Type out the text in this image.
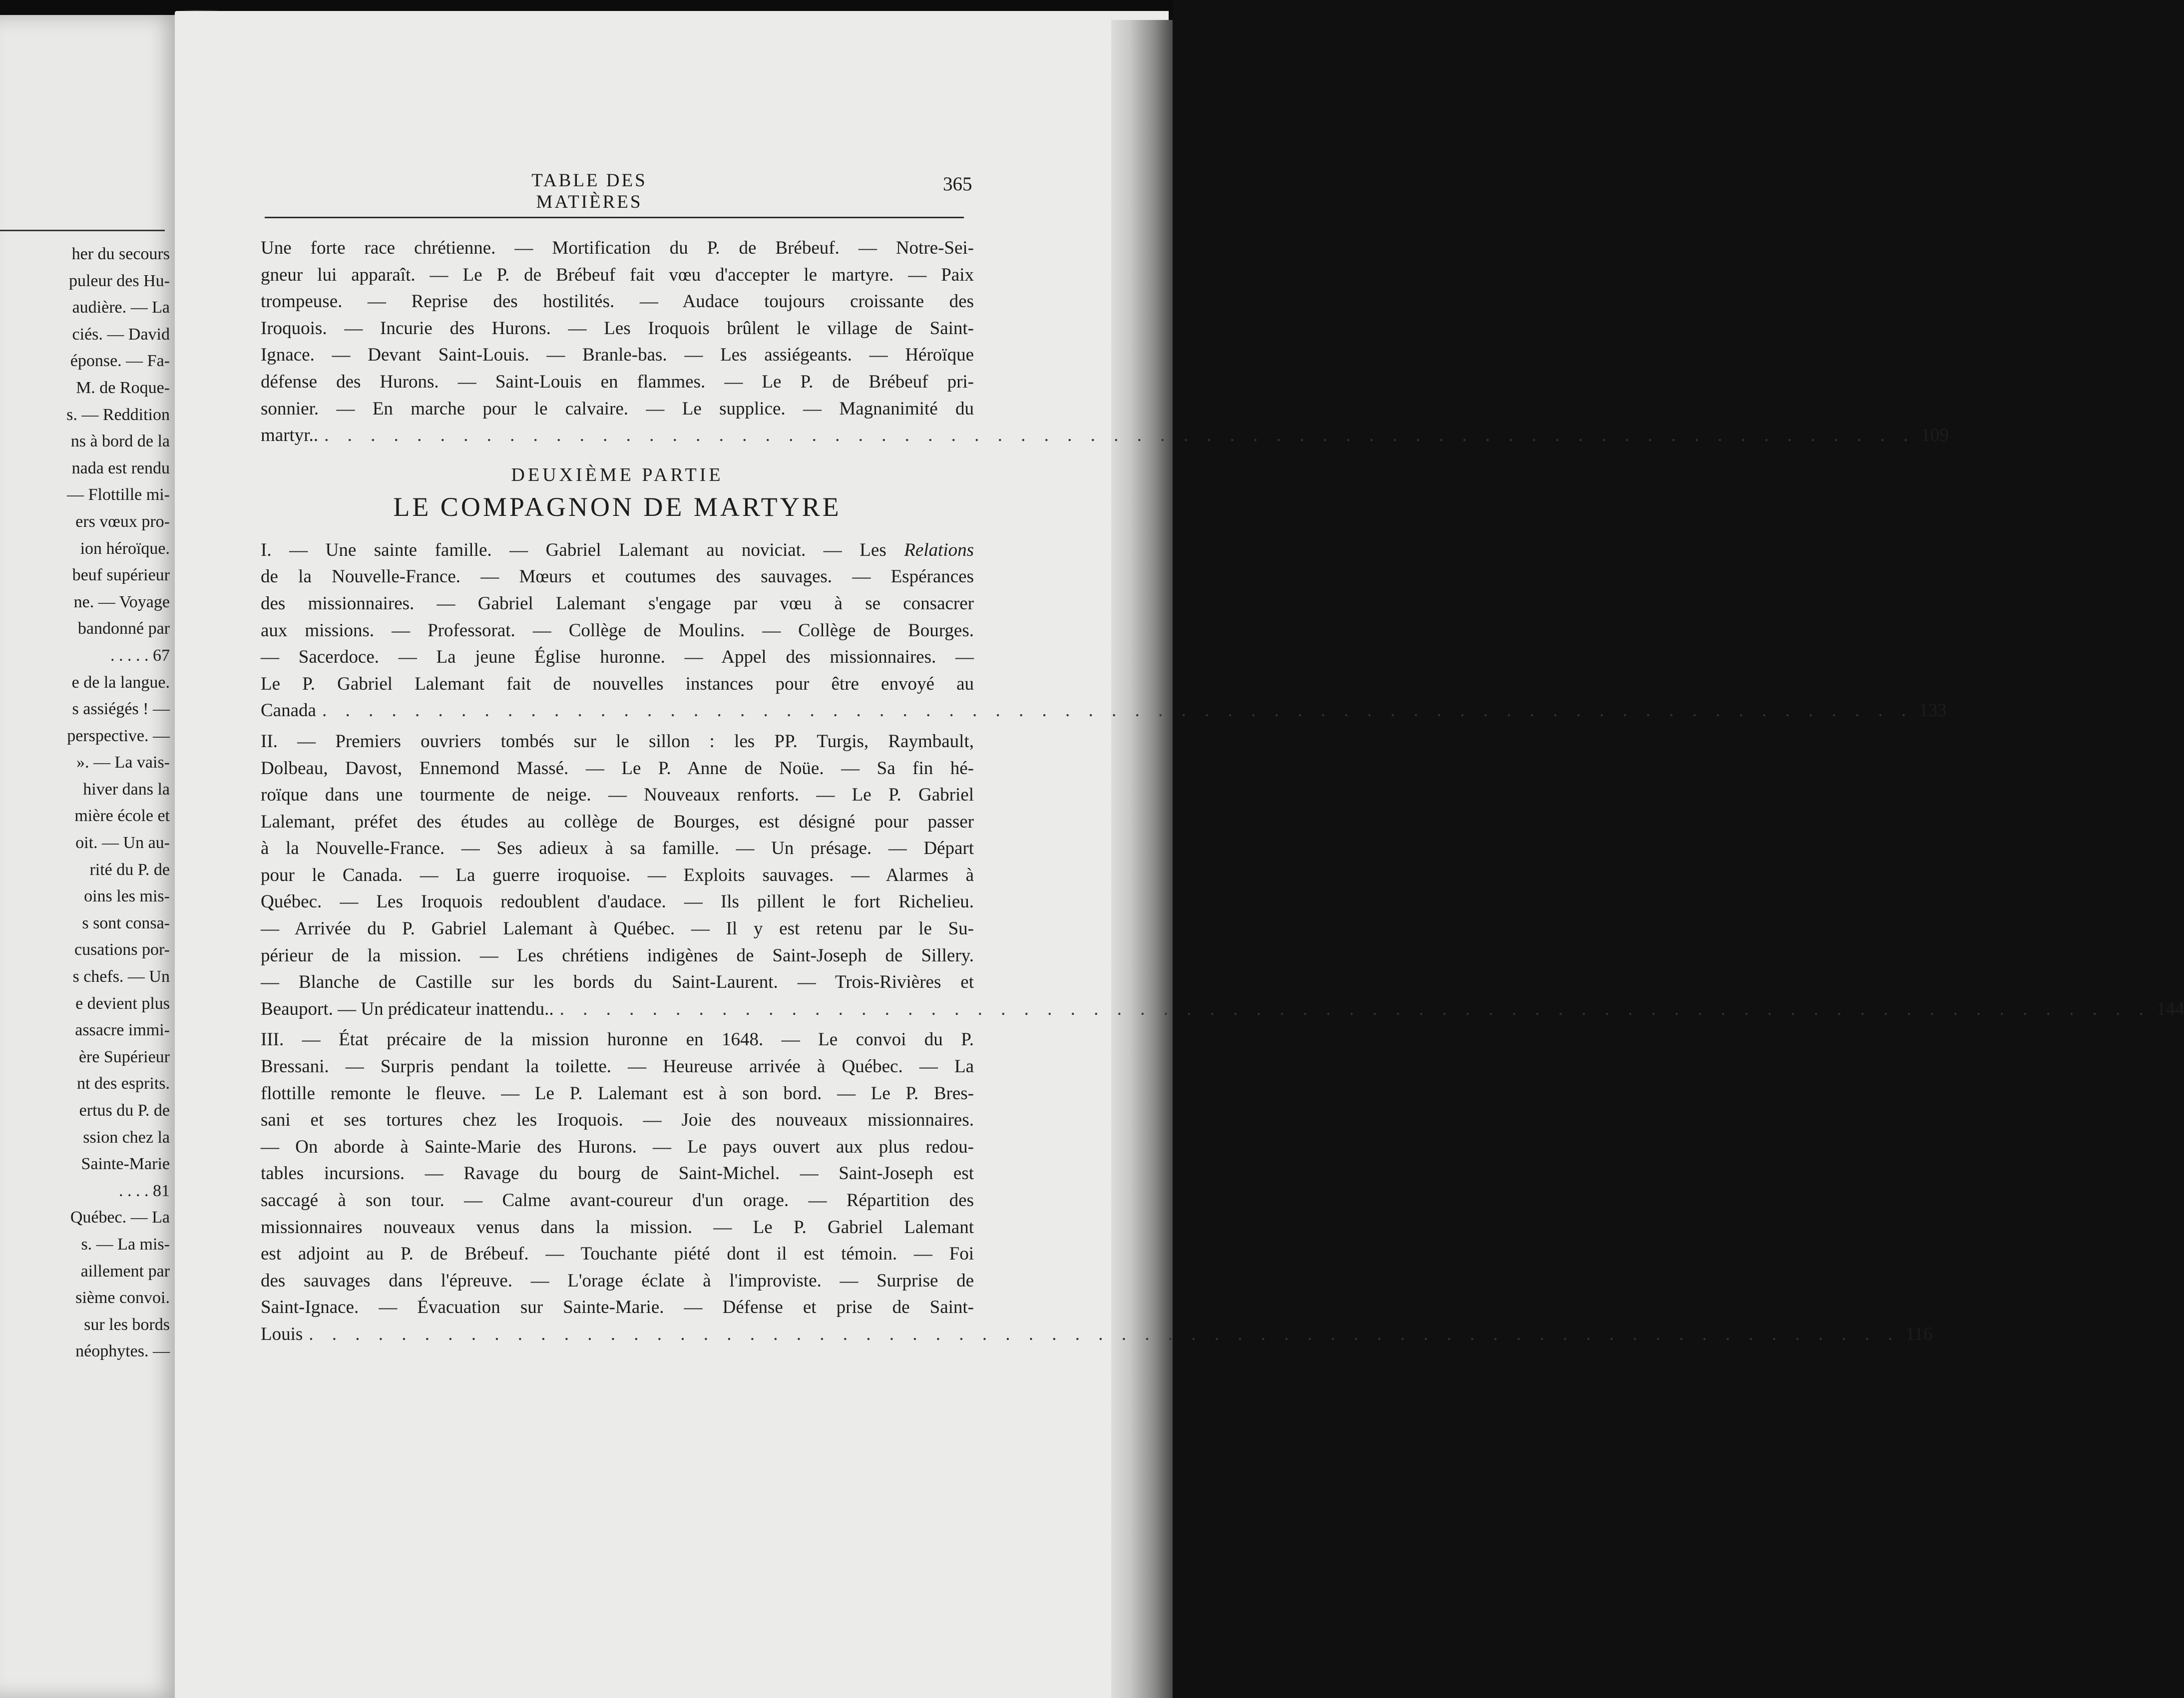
her du secours
puleur des Hu-
audière. — La
ciés. — David
éponse. — Fa-
M. de Roque-
s. — Reddition
ns à bord de la
nada est rendu
— Flottille mi-
ers vœux pro-
ion héroïque.
beuf supérieur
ne. — Voyage
bandonné par
. . . . . 67
e de la langue.
s assiégés ! —
perspective. —
». — La vais-
hiver dans la
mière école et
oit. — Un au-
rité du P. de
oins les mis-
s sont consa-
cusations por-
s chefs. — Un
e devient plus
assacre immi-
ère Supérieur
nt des esprits.
ertus du P. de
ssion chez la
Sainte-Marie
. . . . 81
Québec. — La
s. — La mis-
aillement par
sième convoi.
sur les bords
néophytes. —
TABLE DES MATIÈRES
365
Une forte race chrétienne. — Mortification du P. de Brébeuf. — Notre-Sei-
gneur lui apparaît. — Le P. de Brébeuf fait vœu d'accepter le martyre. — Paix
trompeuse. — Reprise des hostilités. — Audace toujours croissante des
Iroquois. — Incurie des Hurons. — Les Iroquois brûlent le village de Saint-
Ignace. — Devant Saint-Louis. — Branle-bas. — Les assiégeants. — Héroïque
défense des Hurons. — Saint-Louis en flammes. — Le P. de Brébeuf pri-
sonnier. — En marche pour le calvaire. — Le supplice. — Magnanimité du
martyr.. . . . . . . . . . . . . . . . . . . . . . . . . . . . . . . . . . . . . . . . . . . . . . . . . . . . . . . . . . . . . . . . . . . . . . 109
DEUXIÈME PARTIE
LE COMPAGNON DE MARTYRE
I. — Une sainte famille. — Gabriel Lalemant au noviciat. — Les Relations
de la Nouvelle-France. — Mœurs et coutumes des sauvages. — Espérances
des missionnaires. — Gabriel Lalemant s'engage par vœu à se consacrer
aux missions. — Professorat. — Collège de Moulins. — Collège de Bourges.
— Sacerdoce. — La jeune Église huronne. — Appel des missionnaires. —
Le P. Gabriel Lalemant fait de nouvelles instances pour être envoyé au
Canada . . . . . . . . . . . . . . . . . . . . . . . . . . . . . . . . . . . . . . . . . . . . . . . . . . . . . . . . . . . . . . . . . . . . . 133
II. — Premiers ouvriers tombés sur le sillon : les PP. Turgis, Raymbault,
Dolbeau, Davost, Ennemond Massé. — Le P. Anne de Noüe. — Sa fin hé-
roïque dans une tourmente de neige. — Nouveaux renforts. — Le P. Gabriel
Lalemant, préfet des études au collège de Bourges, est désigné pour passer
à la Nouvelle-France. — Ses adieux à sa famille. — Un présage. — Départ
pour le Canada. — La guerre iroquoise. — Exploits sauvages. — Alarmes à
Québec. — Les Iroquois redoublent d'audace. — Ils pillent le fort Richelieu.
— Arrivée du P. Gabriel Lalemant à Québec. — Il y est retenu par le Su-
périeur de la mission. — Les chrétiens indigènes de Saint-Joseph de Sillery.
— Blanche de Castille sur les bords du Saint-Laurent. — Trois-Rivières et
Beauport. — Un prédicateur inattendu.. . . . . . . . . . . . . . . . . . . . . . . . . . . . . . . . . . . . . . . . . . . . . . . . . . . . . . . . . . . . . . . . . . . . . . 144
III. — État précaire de la mission huronne en 1648. — Le convoi du P.
Bressani. — Surpris pendant la toilette. — Heureuse arrivée à Québec. — La
flottille remonte le fleuve. — Le P. Lalemant est à son bord. — Le P. Bres-
sani et ses tortures chez les Iroquois. — Joie des nouveaux missionnaires.
— On aborde à Sainte-Marie des Hurons. — Le pays ouvert aux plus redou-
tables incursions. — Ravage du bourg de Saint-Michel. — Saint-Joseph est
saccagé à son tour. — Calme avant-coureur d'un orage. — Répartition des
missionnaires nouveaux venus dans la mission. — Le P. Gabriel Lalemant
est adjoint au P. de Brébeuf. — Touchante piété dont il est témoin. — Foi
des sauvages dans l'épreuve. — L'orage éclate à l'improviste. — Surprise de
Saint-Ignace. — Évacuation sur Sainte-Marie. — Défense et prise de Saint-
Louis . . . . . . . . . . . . . . . . . . . . . . . . . . . . . . . . . . . . . . . . . . . . . . . . . . . . . . . . . . . . . . . . . . . . . 116
